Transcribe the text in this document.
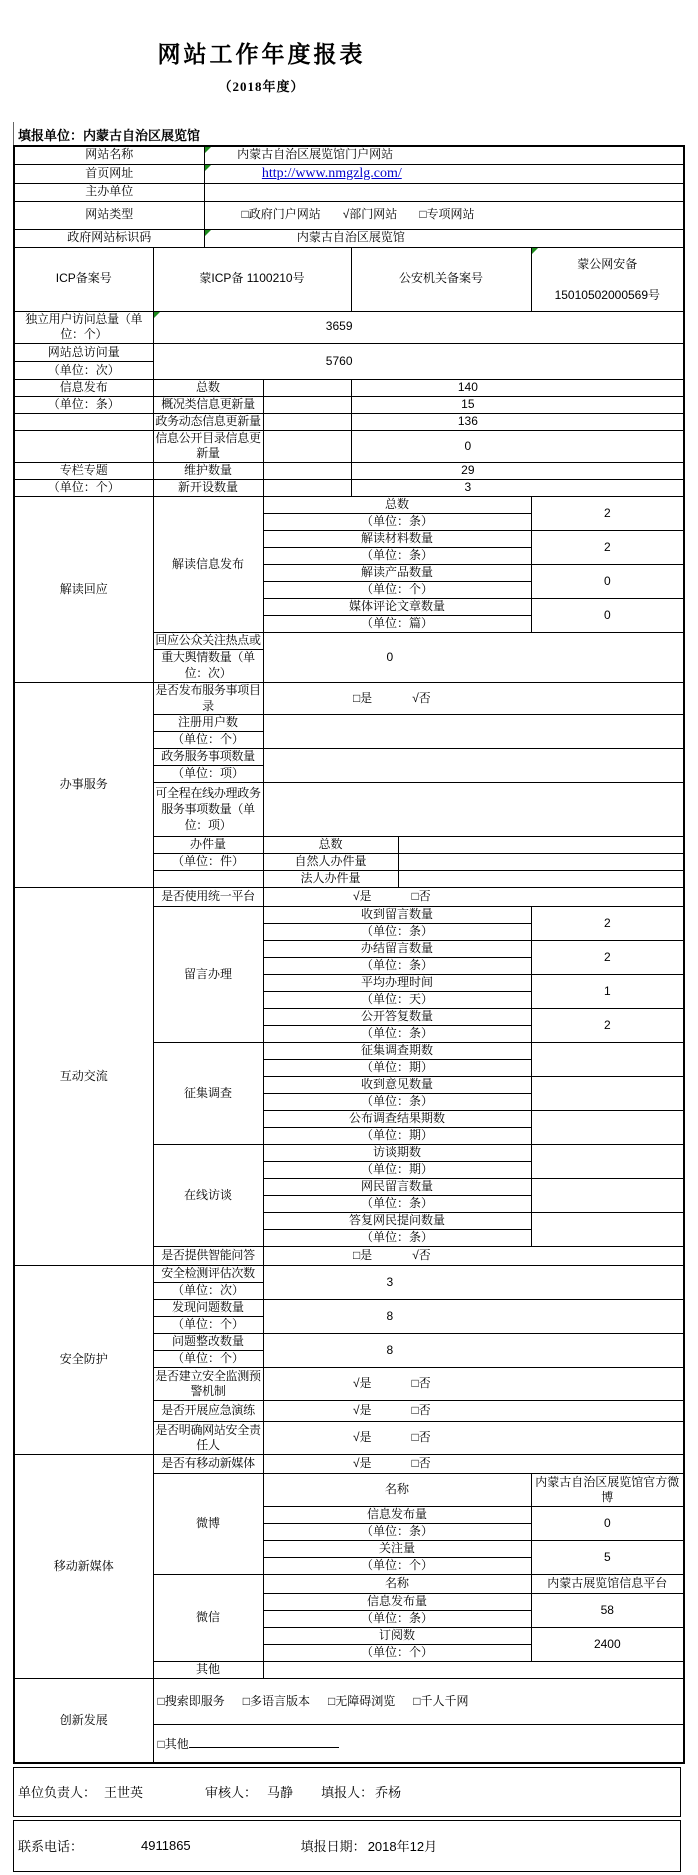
网站工作年度报表
（2018年度）
填报单位：内蒙古自治区展览馆
网站名称		内蒙古自治区展览馆门户网站				

首页网址		http://www.nmgzlg.com/				

主办单位						
网站类型		□政府门户网站 √部门网站 □专项网站				

政府网站标识码		内蒙古自治区展览馆				

ICP备案号	蒙ICP备 1100210号			公安机关备案号		蒙公网安备
15010502000569号

独立用户访问总量（单位：个）	3659					

网站总访问量	5760					

（单位：次）						
信息发布	总数			140		

（单位：条）	概况类信息更新量			15		

	政务动态信息更新量			136		

	信息公开目录信息更新量			0		

专栏专题	维护数量			29		

（单位：个）	新开设数量			3		

解读回应	解读信息发布		总数			2

			（单位：条）			
			解读材料数量			2

			（单位：条）			
			解读产品数量			0

			（单位：个）			
			媒体评论文章数量			0

			（单位：篇）			
	回应公众关注热点或		0			

	重大舆情数量（单位：次）					
办事服务	是否发布服务事项目录		□是 √否			

	注册用户数					
	（单位：个）					
	政务服务事项数量					
	（单位：项）					
	可全程在线办理政务服务事项数量（单位：项）					
	办件量		总数			
	（单位：件）		自然人办件量			
			法人办件量			
互动交流	是否使用统一平台		√是 □否			

	留言办理		收到留言数量			2

			（单位：条）			
			办结留言数量			2

			（单位：条）			
			平均办理时间			1

			（单位：天）			
			公开答复数量			2

			（单位：条）			
	征集调查		征集调查期数			
			（单位：期）			
			收到意见数量			
			（单位：条）			
			公布调查结果期数			
			（单位：期）			
	在线访谈		访谈期数			
			（单位：期）			
			网民留言数量			
			（单位：条）			
			答复网民提问数量			
			（单位：条）			
	是否提供智能问答		□是 √否			

安全防护	安全检测评估次数		3			

	（单位：次）					
	发现问题数量		8			

	（单位：个）					
	问题整改数量		8			

	（单位：个）					
	是否建立安全监测预警机制		√是 □否			

	是否开展应急演练		√是 □否			

	是否明确网站安全责任人		√是 □否			

移动新媒体	是否有移动新媒体		√是 □否			

	微博		名称			内蒙古自治区展览馆官方微博

			信息发布量			0

			（单位：条）			
			关注量			5

			（单位：个）			
	微信		名称			内蒙古展览馆信息平台

			信息发布量			58

			（单位：条）			
			订阅数			2400

			（单位：个）			
	其他					
创新发展	□搜索即服务 □多语言版本 □无障碍浏览 □千人千网					

	□其他					
单位负责人： 王世英	审核人： 马静 填报人： 乔杨
联系电话：	4911865	填报日期： 2018年12月
